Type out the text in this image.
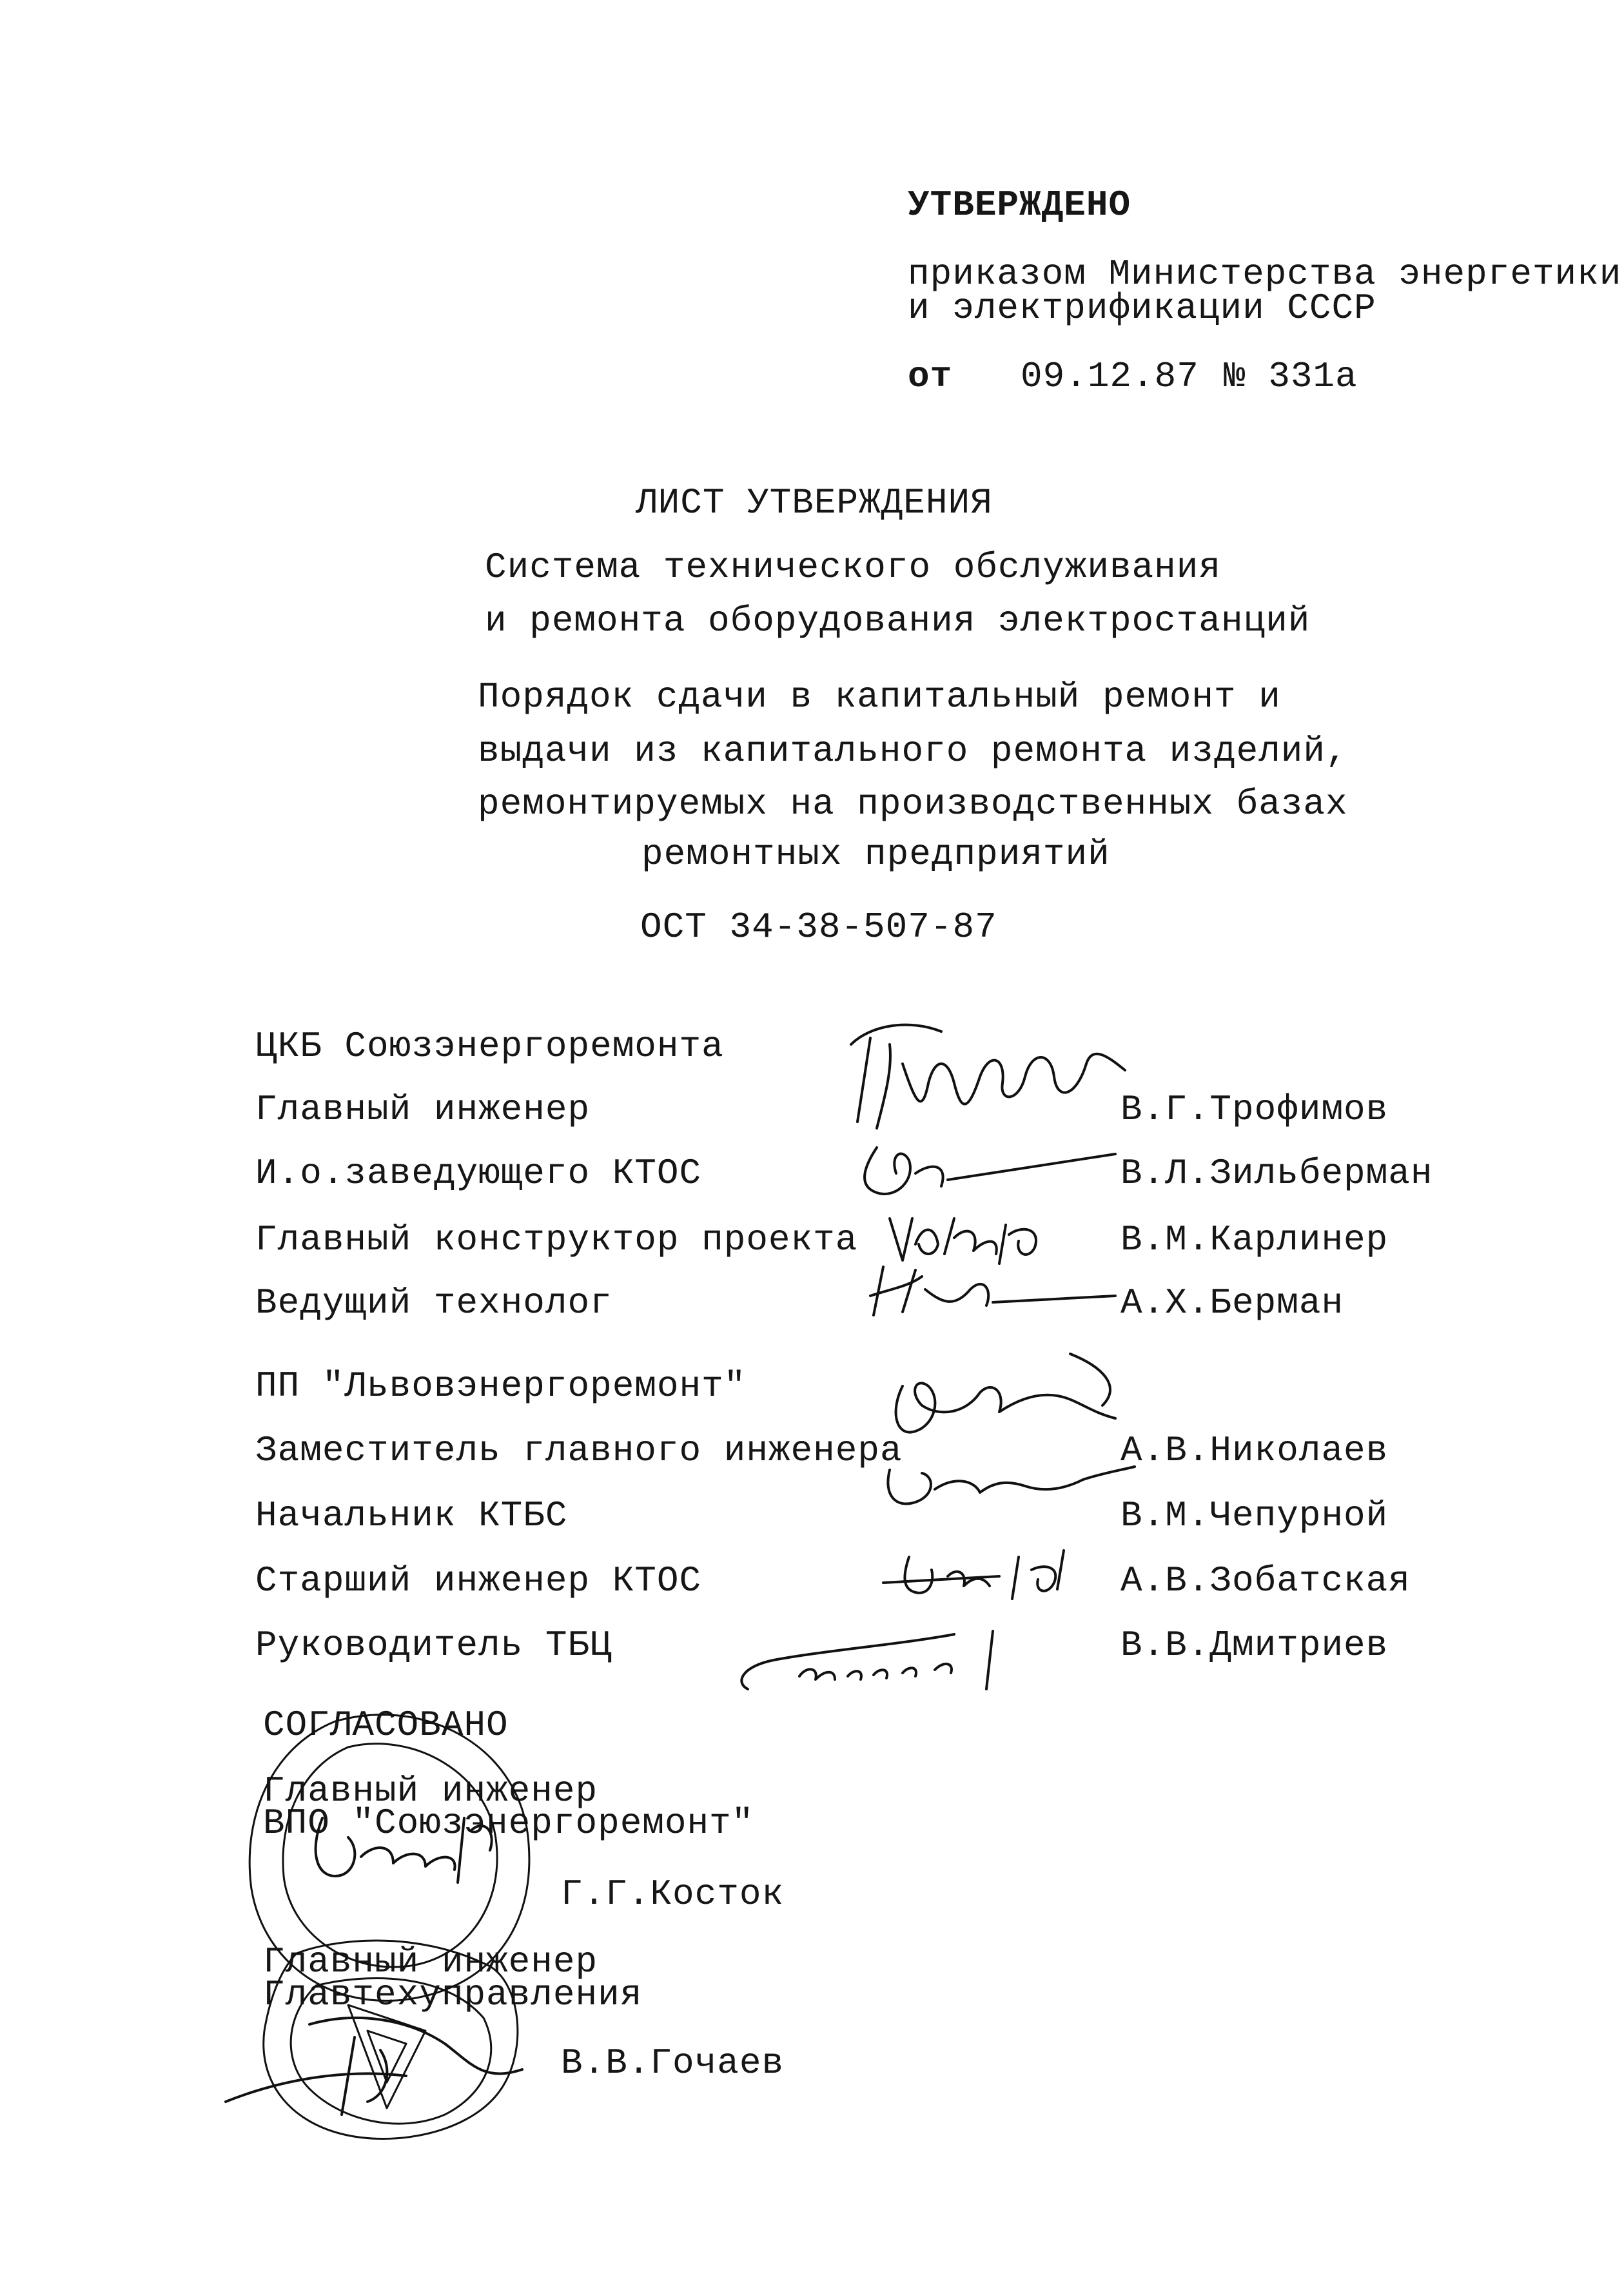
УТВЕРЖДЕНО
приказом Министерства энергетики
и электрификации СССР
от 09.12.87 № 331а
ЛИСТ УТВЕРЖДЕНИЯ
Система технического обслуживания
и ремонта оборудования электростанций
Порядок сдачи в капитальный ремонт и
выдачи из капитального ремонта изделий,
ремонтируемых на производственных базах
ремонтных предприятий
ОСТ 34-38-507-87
ЦКБ Союзэнергоремонта
Главный инженер	В.Г.Трофимов
И.о.заведующего КТОС	В.Л.Зильберман
Главный конструктор проекта	В.М.Карлинер
Ведущий технолог	А.Х.Берман
ПП "Львовэнергоремонт"
Заместитель главного инженера	А.В.Николаев
Начальник КТБС	В.М.Чепурной
Старший инженер КТОС	А.В.Зобатская
Руководитель ТБЦ	В.В.Дмитриев
СОГЛАСОВАНО
Главный инженер
ВПО "Союзэнергоремонт"
Г.Г.Косток
Главный инженер
Главтехуправления
В.В.Гочаев
